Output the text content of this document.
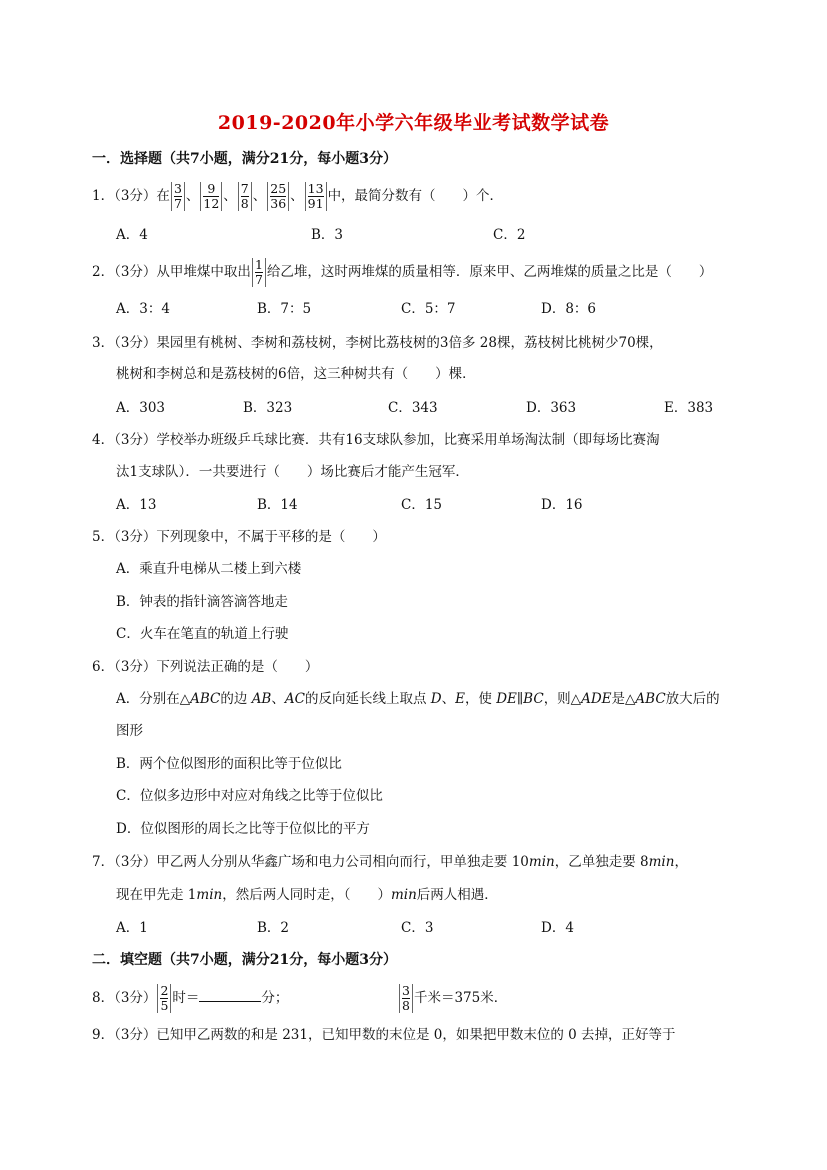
2019-2020年小学六年级毕业考试数学试卷
一．选择题（共7小题，满分21分，每小题3分）
1．（3分）在 $\frac{3}{7}$ 、 $\frac{9}{12}$ 、 $\frac{7}{8}$ 、 $\frac{25}{36}$ 、 $\frac{13}{91}$ 中，最简分数有（　　）个．
A．4	B．3	C．2
2．（3分）从甲堆煤中取出 $\frac{1}{7}$ 给乙堆，这时两堆煤的质量相等．原来甲、乙两堆煤的质量之比是（　　）
A．3：4	B．7：5	C．5：7	D．8：6
3．（3分）果园里有桃树、李树和荔枝树，李树比荔枝树的3倍多 28棵，荔枝树比桃树少70棵，
桃树和李树总和是荔枝树的6倍，这三种树共有（　　）棵．
A．303	B．323	C．343	D．363	E．383
4．（3分）学校举办班级乒乓球比赛．共有16支球队参加，比赛采用单场淘汰制（即每场比赛淘
汰1支球队）．一共要进行（　　）场比赛后才能产生冠军．
A．13	B．14	C．15	D．16
5．（3分）下列现象中，不属于平移的是（　　）
A．乘直升电梯从二楼上到六楼
B．钟表的指针滴答滴答地走
C．火车在笔直的轨道上行驶
6．（3分）下列说法正确的是（　　）
A．分别在△ABC的边 AB、AC的反向延长线上取点 D、E，使 DE∥BC，则△ADE是△ABC放大后的
图形
B．两个位似图形的面积比等于位似比
C．位似多边形中对应对角线之比等于位似比
D．位似图形的周长之比等于位似比的平方
7．（3分）甲乙两人分别从华鑫广场和电力公司相向而行，甲单独走要 10min，乙单独走要 8min，
现在甲先走 1min，然后两人同时走，（　　）min后两人相遇．
A．1	B．2	C．3	D．4
二．填空题（共7小题，满分21分，每小题3分）
8．（3分） $\frac{2}{5}$ 时＝	分；	$\frac{3}{8}$ 千米＝375米．
9．（3分）已知甲乙两数的和是 231，已知甲数的末位是 0，如果把甲数末位的 0 去掉，正好等于
